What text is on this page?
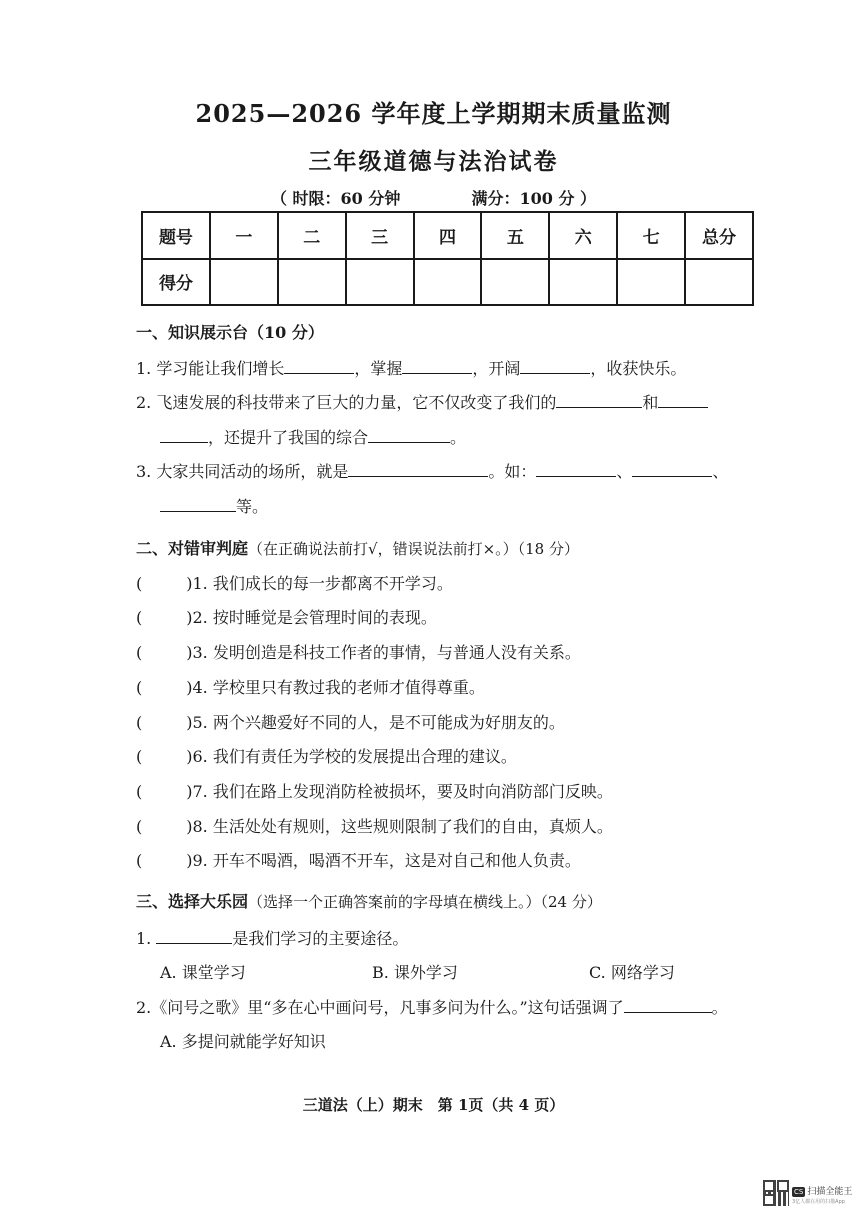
2025—2026 学年度上学期期末质量监测
三年级道德与法治试卷
（ 时限：60 分钟	满分：100 分 ）
题号	一	二	三	四	五	六	七	总分
得分								
一、知识展示台（10 分）
1. 学习能让我们增长	，掌握	，开阔	，收获快乐。
2. 飞速发展的科技带来了巨大的力量，它不仅改变了我们的	和
，还提升了我国的综合	。
3. 大家共同活动的场所，就是	。如：	、	、
等。
二、对错审判庭（在正确说法前打√，错误说法前打×。）（18 分）
(	)1. 我们成长的每一步都离不开学习。
(	)2. 按时睡觉是会管理时间的表现。
(	)3. 发明创造是科技工作者的事情，与普通人没有关系。
(	)4. 学校里只有教过我的老师才值得尊重。
(	)5. 两个兴趣爱好不同的人，是不可能成为好朋友的。
(	)6. 我们有责任为学校的发展提出合理的建议。
(	)7. 我们在路上发现消防栓被损坏，要及时向消防部门反映。
(	)8. 生活处处有规则，这些规则限制了我们的自由，真烦人。
(	)9. 开车不喝酒，喝酒不开车，这是对自己和他人负责。
三、选择大乐园（选择一个正确答案前的字母填在横线上。）（24 分）
1.	是我们学习的主要途径。
A. 课堂学习	B. 课外学习	C. 网络学习
2.《问号之歌》里“多在心中画问号，凡事多问为什么。”这句话强调了	。
A. 多提问就能学好知识
三道法（上）期末　第 1页（共 4 页）
CS 扫描全能王
3亿人都在用的扫描App
